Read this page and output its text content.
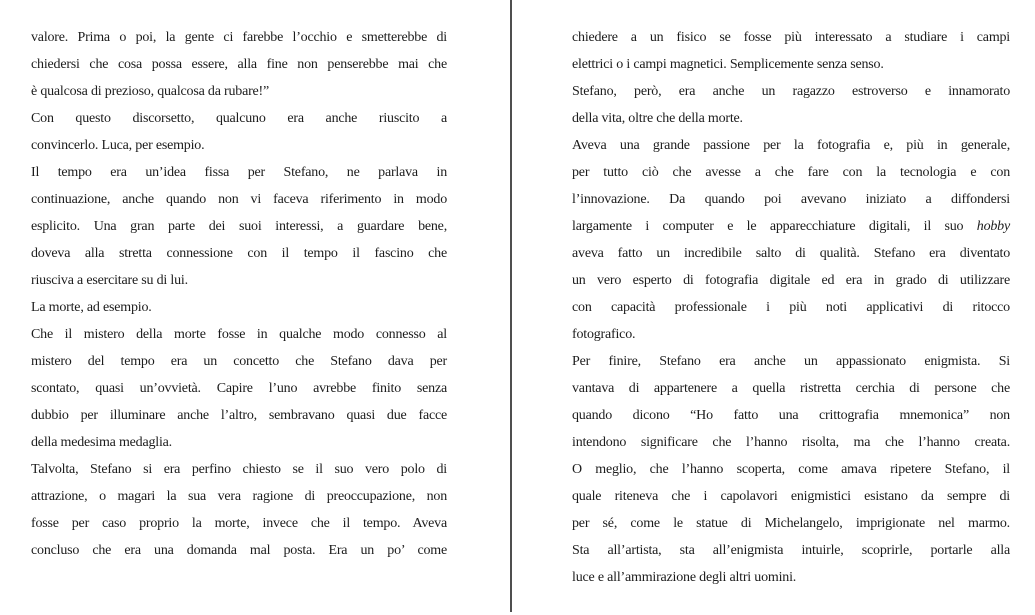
valore. Prima o poi, la gente ci farebbe l’occhio e smetterebbe di
chiedersi che cosa possa essere, alla fine non penserebbe mai che
è qualcosa di prezioso, qualcosa da rubare!”
Con questo discorsetto, qualcuno era anche riuscito a
convincerlo. Luca, per esempio.
Il tempo era un’idea fissa per Stefano, ne parlava in
continuazione, anche quando non vi faceva riferimento in modo
esplicito. Una gran parte dei suoi interessi, a guardare bene,
doveva alla stretta connessione con il tempo il fascino che
riusciva a esercitare su di lui.
La morte, ad esempio.
Che il mistero della morte fosse in qualche modo connesso al
mistero del tempo era un concetto che Stefano dava per
scontato, quasi un’ovvietà. Capire l’uno avrebbe finito senza
dubbio per illuminare anche l’altro, sembravano quasi due facce
della medesima medaglia.
Talvolta, Stefano si era perfino chiesto se il suo vero polo di
attrazione, o magari la sua vera ragione di preoccupazione, non
fosse per caso proprio la morte, invece che il tempo. Aveva
concluso che era una domanda mal posta. Era un po’ come
chiedere a un fisico se fosse più interessato a studiare i campi
elettrici o i campi magnetici. Semplicemente senza senso.
Stefano, però, era anche un ragazzo estroverso e innamorato
della vita, oltre che della morte.
Aveva una grande passione per la fotografia e, più in generale,
per tutto ciò che avesse a che fare con la tecnologia e con
l’innovazione. Da quando poi avevano iniziato a diffondersi
largamente i computer e le apparecchiature digitali, il suo hobby
aveva fatto un incredibile salto di qualità. Stefano era diventato
un vero esperto di fotografia digitale ed era in grado di utilizzare
con capacità professionale i più noti applicativi di ritocco
fotografico.
Per finire, Stefano era anche un appassionato enigmista. Si
vantava di appartenere a quella ristretta cerchia di persone che
quando dicono “Ho fatto una crittografia mnemonica” non
intendono significare che l’hanno risolta, ma che l’hanno creata.
O meglio, che l’hanno scoperta, come amava ripetere Stefano, il
quale riteneva che i capolavori enigmistici esistano da sempre di
per sé, come le statue di Michelangelo, imprigionate nel marmo.
Sta all’artista, sta all’enigmista intuirle, scoprirle, portarle alla
luce e all’ammirazione degli altri uomini.
